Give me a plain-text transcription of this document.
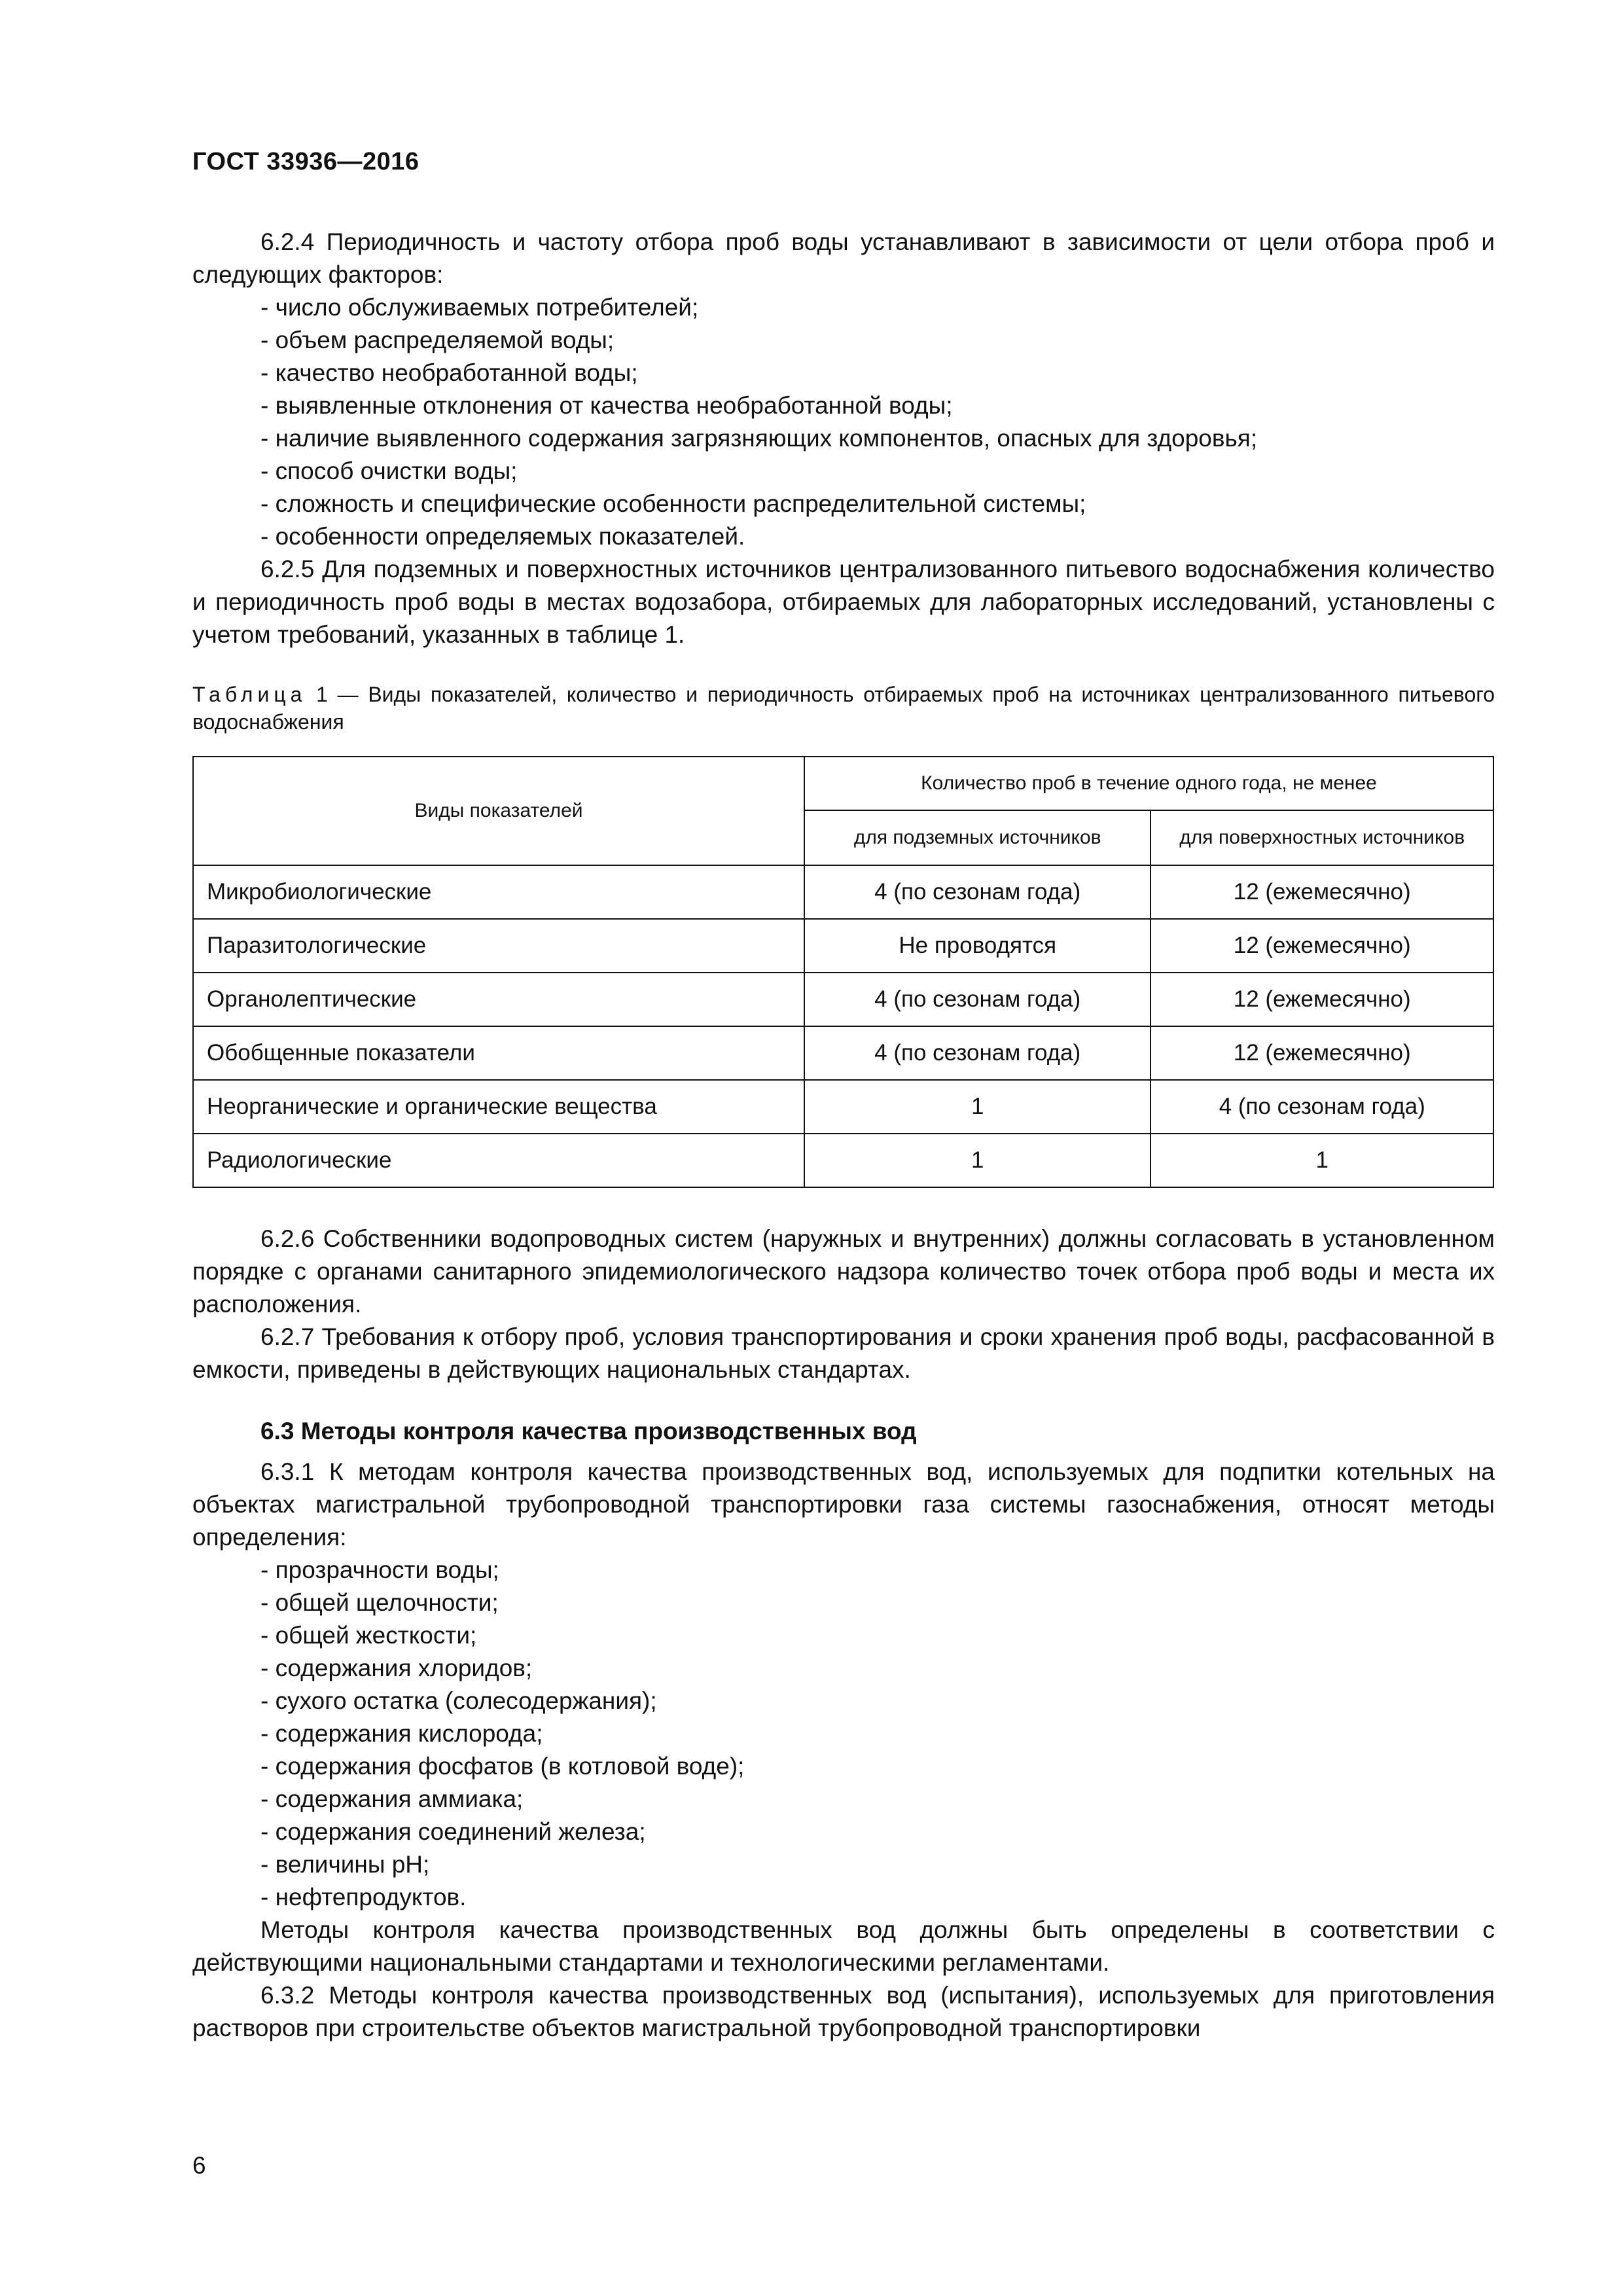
ГОСТ 33936—2016

6.2.4 Периодичность и частоту отбора проб воды устанавливают в зависимости от цели отбора проб и следующих факторов:

- число обслуживаемых потребителей;
- объем распределяемой воды;
- качество необработанной воды;
- выявленные отклонения от качества необработанной воды;
- наличие выявленного содержания загрязняющих компонентов, опасных для здоровья;
- способ очистки воды;
- сложность и специфические особенности распределительной системы;
- особенности определяемых показателей.

6.2.5 Для подземных и поверхностных источников централизованного питьевого водоснабжения количество и периодичность проб воды в местах водозабора, отбираемых для лабораторных исследований, установлены с учетом требований, указанных в таблице 1.

Таблица 1 — Виды показателей, количество и периодичность отбираемых проб на источниках централизованного питьевого водоснабжения

Виды показателей	Количество проб в течение одного года, не менее	
	для подземных источников	для поверхностных источников
Микробиологические	4 (по сезонам года)	12 (ежемесячно)
Паразитологические	Не проводятся	12 (ежемесячно)
Органолептические	4 (по сезонам года)	12 (ежемесячно)
Обобщенные показатели	4 (по сезонам года)	12 (ежемесячно)
Неорганические и органические вещества	1	4 (по сезонам года)
Радиологические	1	1

6.2.6 Собственники водопроводных систем (наружных и внутренних) должны согласовать в установленном порядке с органами санитарного эпидемиологического надзора количество точек отбора проб воды и места их расположения.

6.2.7 Требования к отбору проб, условия транспортирования и сроки хранения проб воды, расфасованной в емкости, приведены в действующих национальных стандартах.

6.3 Методы контроля качества производственных вод

6.3.1 К методам контроля качества производственных вод, используемых для подпитки котельных на объектах магистральной трубопроводной транспортировки газа системы газоснабжения, относят методы определения:

- прозрачности воды;
- общей щелочности;
- общей жесткости;
- содержания хлоридов;
- сухого остатка (солесодержания);
- содержания кислорода;
- содержания фосфатов (в котловой воде);
- содержания аммиака;
- содержания соединений железа;
- величины pH;
- нефтепродуктов.

Методы контроля качества производственных вод должны быть определены в соответствии с действующими национальными стандартами и технологическими регламентами.

6.3.2 Методы контроля качества производственных вод (испытания), используемых для приготовления растворов при строительстве объектов магистральной трубопроводной транспортировки

6
